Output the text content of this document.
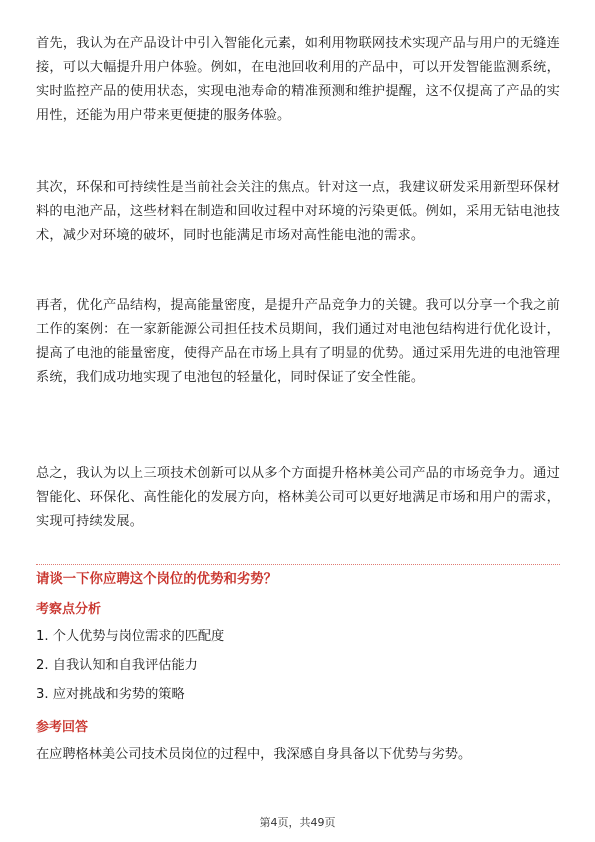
首先，我认为在产品设计中引入智能化元素，如利用物联网技术实现产品与用户的无缝连接，可以大幅提升用户体验。例如，在电池回收利用的产品中，可以开发智能监测系统，实时监控产品的使用状态，实现电池寿命的精准预测和维护提醒，这不仅提高了产品的实用性，还能为用户带来更便捷的服务体验。

其次，环保和可持续性是当前社会关注的焦点。针对这一点，我建议研发采用新型环保材料的电池产品，这些材料在制造和回收过程中对环境的污染更低。例如，采用无钴电池技术，减少对环境的破坏，同时也能满足市场对高性能电池的需求。

再者，优化产品结构，提高能量密度，是提升产品竞争力的关键。我可以分享一个我之前工作的案例：在一家新能源公司担任技术员期间，我们通过对电池包结构进行优化设计，提高了电池的能量密度，使得产品在市场上具有了明显的优势。通过采用先进的电池管理系统，我们成功地实现了电池包的轻量化，同时保证了安全性能。

总之，我认为以上三项技术创新可以从多个方面提升格林美公司产品的市场竞争力。通过智能化、环保化、高性能化的发展方向，格林美公司可以更好地满足市场和用户的需求，实现可持续发展。

请谈一下你应聘这个岗位的优势和劣势？

考察点分析

1. 个人优势与岗位需求的匹配度

2. 自我认知和自我评估能力

3. 应对挑战和劣势的策略

参考回答

在应聘格林美公司技术员岗位的过程中，我深感自身具备以下优势与劣势。

第4页，共49页
